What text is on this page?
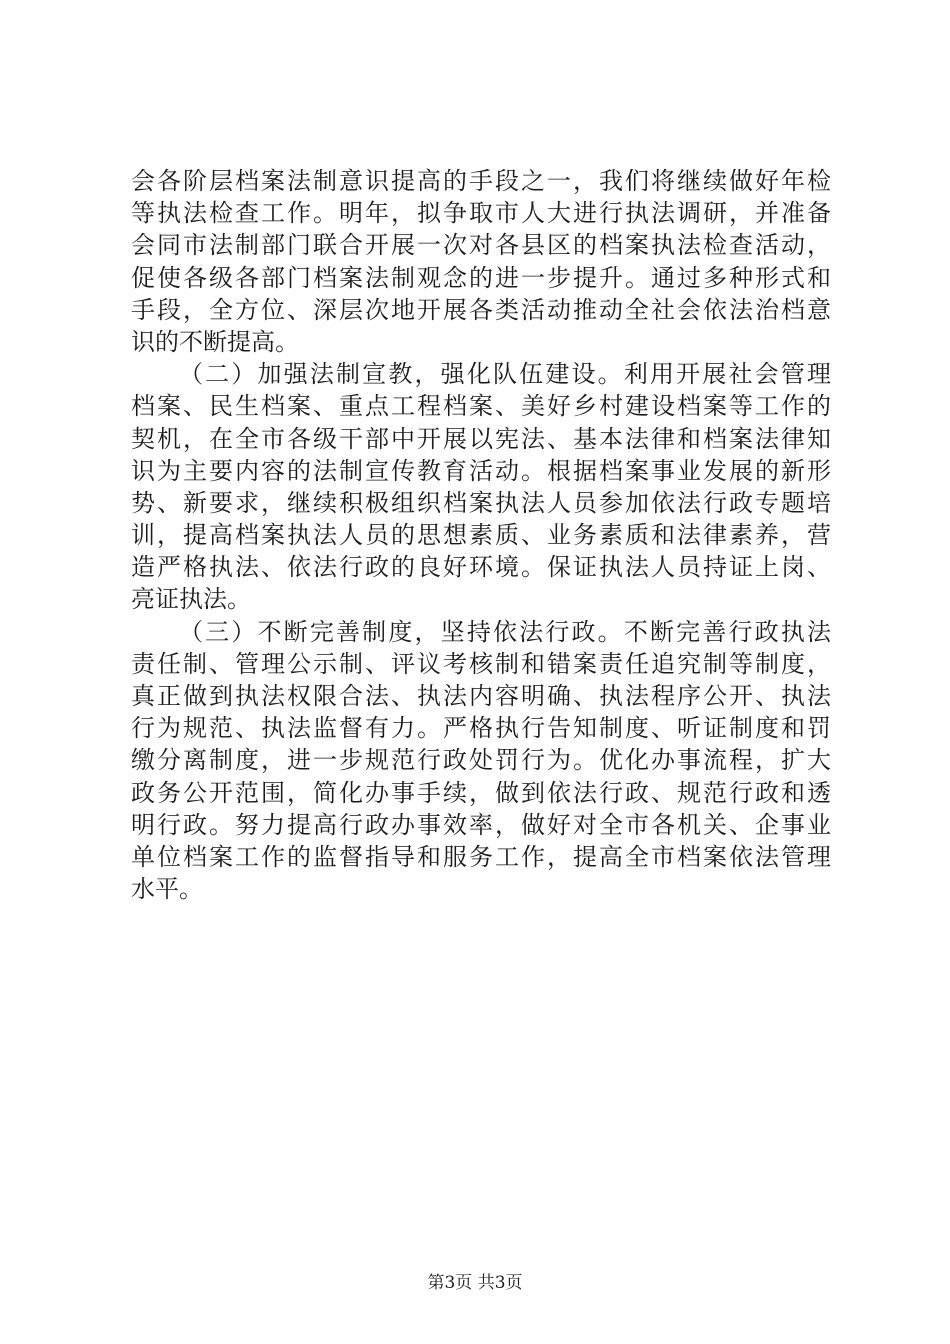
会各阶层档案法制意识提高的手段之一，我们将继续做好年检
等执法检查工作。明年，拟争取市人大进行执法调研，并准备
会同市法制部门联合开展一次对各县区的档案执法检查活动，
促使各级各部门档案法制观念的进一步提升。通过多种形式和
手段，全方位、深层次地开展各类活动推动全社会依法治档意
识的不断提高。
（二）加强法制宣教，强化队伍建设。利用开展社会管理
档案、民生档案、重点工程档案、美好乡村建设档案等工作的
契机，在全市各级干部中开展以宪法、基本法律和档案法律知
识为主要内容的法制宣传教育活动。根据档案事业发展的新形
势、新要求，继续积极组织档案执法人员参加依法行政专题培
训，提高档案执法人员的思想素质、业务素质和法律素养，营
造严格执法、依法行政的良好环境。保证执法人员持证上岗、
亮证执法。
（三）不断完善制度，坚持依法行政。不断完善行政执法
责任制、管理公示制、评议考核制和错案责任追究制等制度，
真正做到执法权限合法、执法内容明确、执法程序公开、执法
行为规范、执法监督有力。严格执行告知制度、听证制度和罚
缴分离制度，进一步规范行政处罚行为。优化办事流程，扩大
政务公开范围，简化办事手续，做到依法行政、规范行政和透
明行政。努力提高行政办事效率，做好对全市各机关、企事业
单位档案工作的监督指导和服务工作，提高全市档案依法管理
水平。
第3页 共3页
